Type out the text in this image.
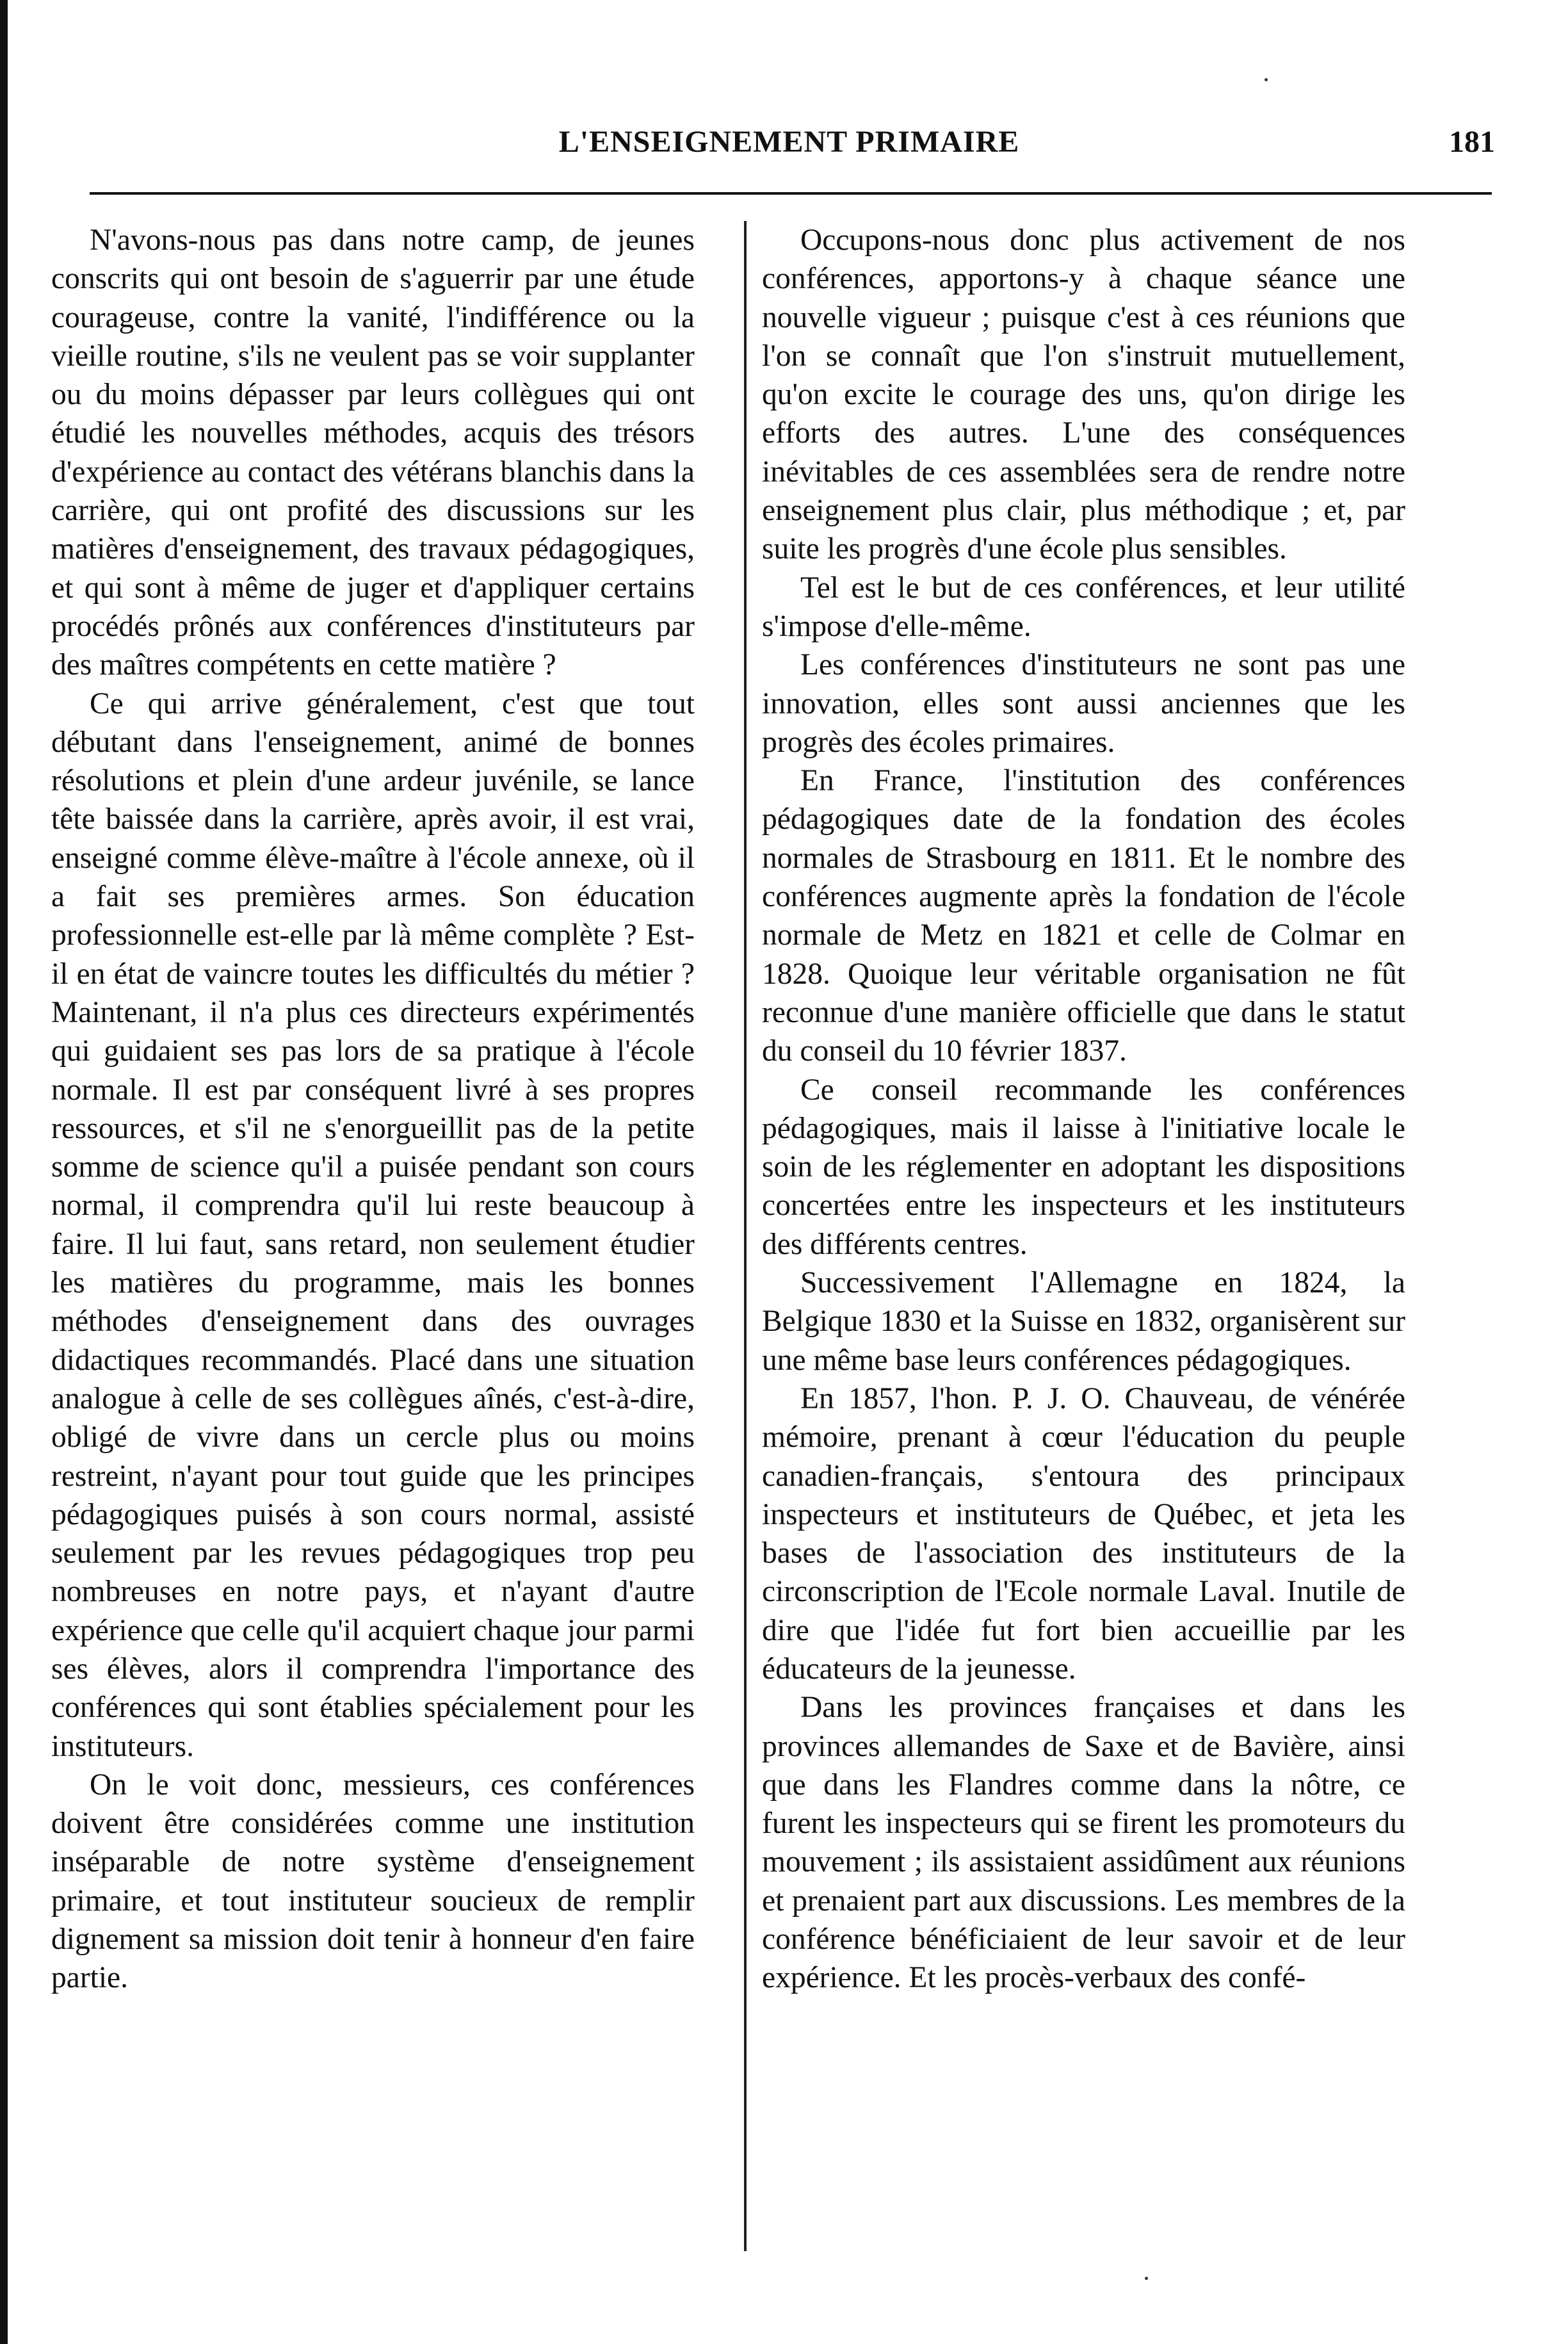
L'ENSEIGNEMENT PRIMAIRE	181

N'avons-nous pas dans notre camp, de jeunes conscrits qui ont besoin de s'aguerrir par une étude courageuse, contre la vanité, l'indifférence ou la vieille routine, s'ils ne veulent pas se voir supplanter ou du moins dépasser par leurs collègues qui ont étudié les nouvelles méthodes, acquis des trésors d'expérience au contact des vétérans blanchis dans la carrière, qui ont profité des discussions sur les matières d'enseignement, des travaux pédagogiques, et qui sont à même de juger et d'appliquer certains procédés prônés aux conférences d'instituteurs par des maîtres compétents en cette matière ?

Ce qui arrive généralement, c'est que tout débutant dans l'enseignement, animé de bonnes résolutions et plein d'une ardeur juvénile, se lance tête baissée dans la carrière, après avoir, il est vrai, enseigné comme élève-maître à l'école annexe, où il a fait ses premières armes. Son éducation professionnelle est-elle par là même complète ? Est-il en état de vaincre toutes les difficultés du métier ? Maintenant, il n'a plus ces directeurs expérimentés qui guidaient ses pas lors de sa pratique à l'école normale. Il est par conséquent livré à ses propres ressources, et s'il ne s'enorgueillit pas de la petite somme de science qu'il a puisée pendant son cours normal, il comprendra qu'il lui reste beaucoup à faire. Il lui faut, sans retard, non seulement étudier les matières du programme, mais les bonnes méthodes d'enseignement dans des ouvrages didactiques recommandés. Placé dans une situation analogue à celle de ses collègues aînés, c'est-à-dire, obligé de vivre dans un cercle plus ou moins restreint, n'ayant pour tout guide que les principes pédagogiques puisés à son cours normal, assisté seulement par les revues pédagogiques trop peu nombreuses en notre pays, et n'ayant d'autre expérience que celle qu'il acquiert chaque jour parmi ses élèves, alors il comprendra l'importance des conférences qui sont établies spécialement pour les instituteurs.

On le voit donc, messieurs, ces conférences doivent être considérées comme une institution inséparable de notre système d'enseignement primaire, et tout instituteur soucieux de remplir dignement sa mission doit tenir à honneur d'en faire partie.

Occupons-nous donc plus activement de nos conférences, apportons-y à chaque séance une nouvelle vigueur ; puisque c'est à ces réunions que l'on se connaît que l'on s'instruit mutuellement, qu'on excite le courage des uns, qu'on dirige les efforts des autres. L'une des conséquences inévitables de ces assemblées sera de rendre notre enseignement plus clair, plus méthodique ; et, par suite les progrès d'une école plus sensibles.

Tel est le but de ces conférences, et leur utilité s'impose d'elle-même.

Les conférences d'instituteurs ne sont pas une innovation, elles sont aussi anciennes que les progrès des écoles primaires.

En France, l'institution des conférences pédagogiques date de la fondation des écoles normales de Strasbourg en 1811. Et le nombre des conférences augmente après la fondation de l'école normale de Metz en 1821 et celle de Colmar en 1828. Quoique leur véritable organisation ne fût reconnue d'une manière officielle que dans le statut du conseil du 10 février 1837.

Ce conseil recommande les conférences pédagogiques, mais il laisse à l'initiative locale le soin de les réglementer en adoptant les dispositions concertées entre les inspecteurs et les instituteurs des différents centres.

Successivement l'Allemagne en 1824, la Belgique 1830 et la Suisse en 1832, organisèrent sur une même base leurs conférences pédagogiques.

En 1857, l'hon. P. J. O. Chauveau, de vénérée mémoire, prenant à cœur l'éducation du peuple canadien-français, s'entoura des principaux inspecteurs et instituteurs de Québec, et jeta les bases de l'association des instituteurs de la circonscription de l'Ecole normale Laval. Inutile de dire que l'idée fut fort bien accueillie par les éducateurs de la jeunesse.

Dans les provinces françaises et dans les provinces allemandes de Saxe et de Bavière, ainsi que dans les Flandres comme dans la nôtre, ce furent les inspecteurs qui se firent les promoteurs du mouvement ; ils assistaient assidûment aux réunions et prenaient part aux discussions. Les membres de la conférence bénéficiaient de leur savoir et de leur expérience. Et les procès-verbaux des confé-
